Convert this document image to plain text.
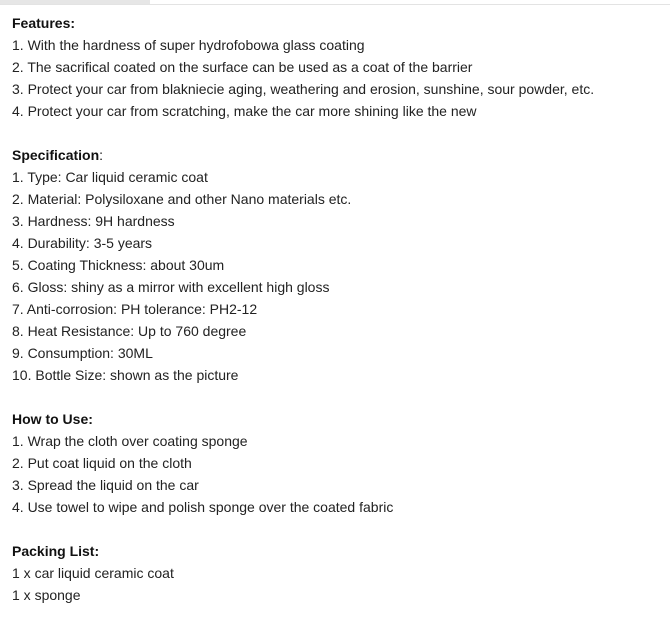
Features:
1. With the hardness of super hydrofobowa glass coating
2. The sacrifical coated on the surface can be used as a coat of the barrier
3. Protect your car from blakniecie aging, weathering and erosion, sunshine, sour powder, etc.
4. Protect your car from scratching, make the car more shining like the new
Specification:
1. Type: Car liquid ceramic coat
2. Material: Polysiloxane and other Nano materials etc.
3. Hardness: 9H hardness
4. Durability: 3-5 years
5. Coating Thickness: about 30um
6. Gloss: shiny as a mirror with excellent high gloss
7. Anti-corrosion: PH tolerance: PH2-12
8. Heat Resistance: Up to 760 degree
9. Consumption: 30ML
10. Bottle Size: shown as the picture
How to Use:
1. Wrap the cloth over coating sponge
2. Put coat liquid on the cloth
3. Spread the liquid on the car
4. Use towel to wipe and polish sponge over the coated fabric
Packing List:
1 x car liquid ceramic coat
1 x sponge
